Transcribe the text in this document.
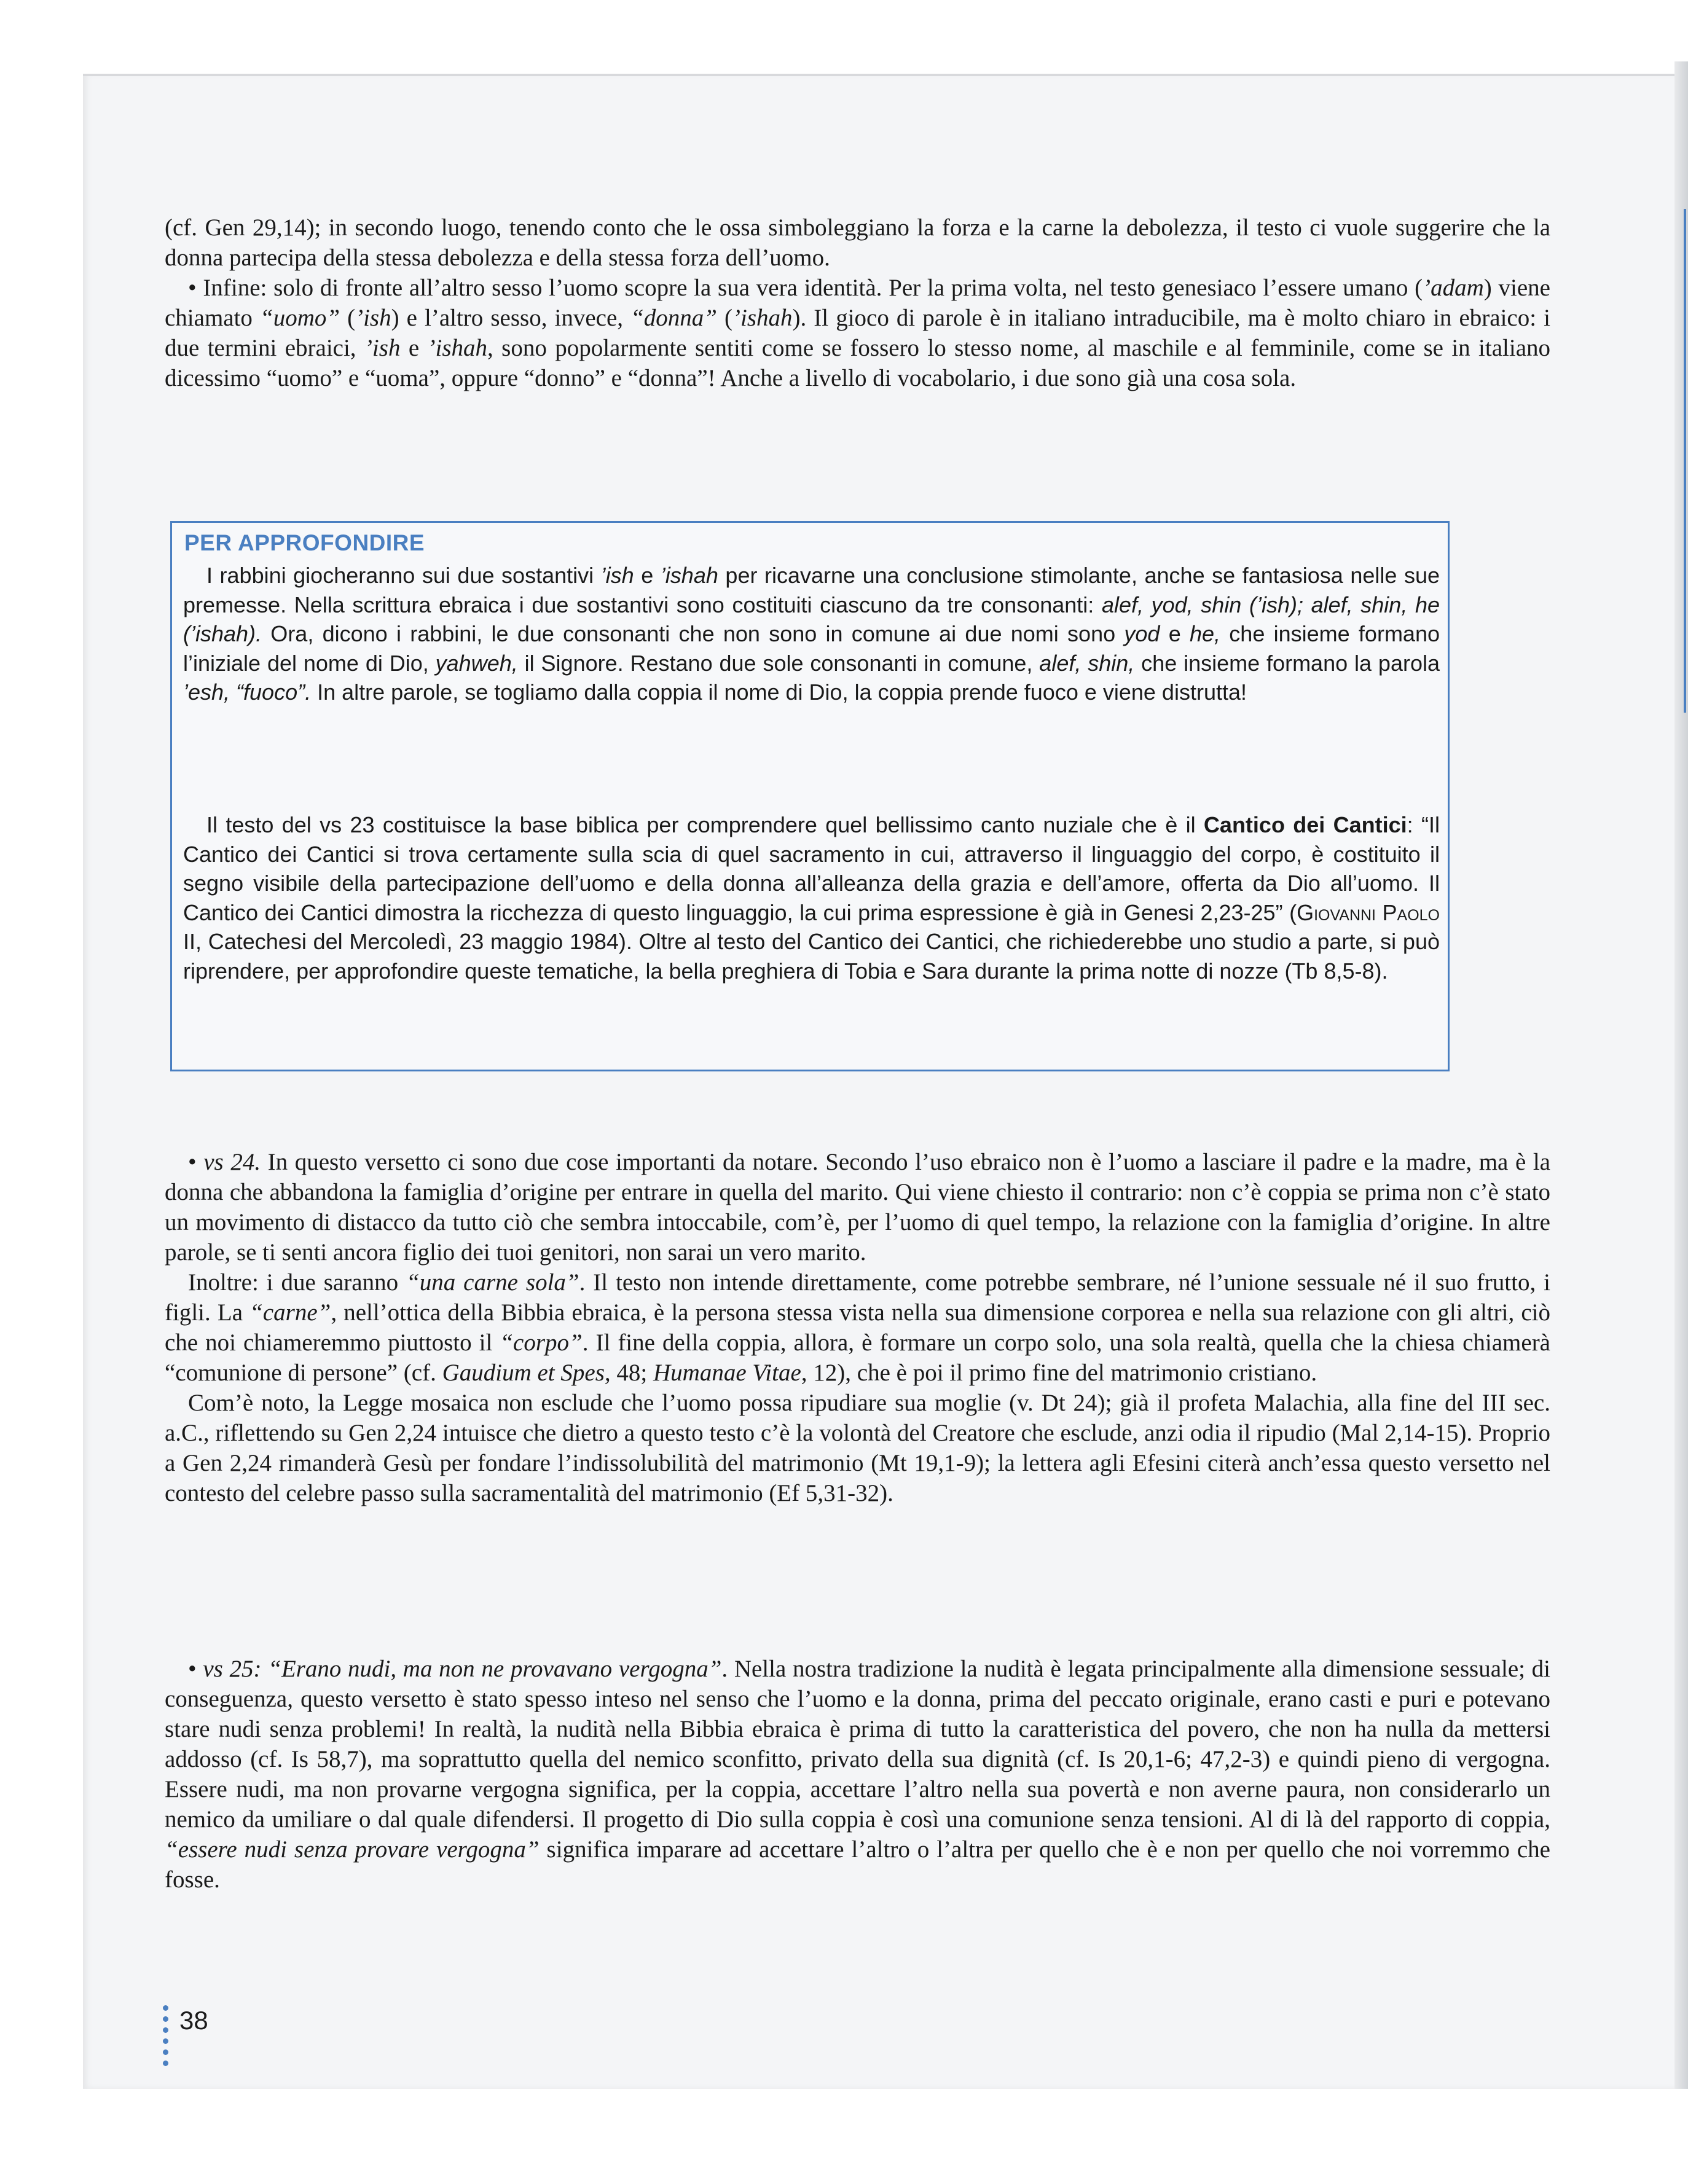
(cf. Gen 29,14); in secondo luogo, tenendo conto che le ossa simboleggiano la forza e la carne la debolezza, il testo ci vuole suggerire che la donna partecipa della stessa debolezza e della stessa forza dell’uomo.

• Infine: solo di fronte all’altro sesso l’uomo scopre la sua vera identità. Per la prima volta, nel testo genesiaco l’essere umano (’adam) viene chiamato “uomo” (’ish) e l’altro sesso, invece, “donna” (’ishah). Il gioco di parole è in italiano intraducibile, ma è molto chiaro in ebraico: i due termini ebraici, ’ish e ’ishah, sono popolarmente sentiti come se fossero lo stesso nome, al maschile e al femminile, come se in italiano dicessimo “uomo” e “uoma”, oppure “donno” e “donna”! Anche a livello di vocabolario, i due sono già una cosa sola.

PER APPROFONDIRE

I rabbini giocheranno sui due sostantivi ’ish e ’ishah per ricavarne una conclusione stimolante, anche se fantasiosa nelle sue premesse. Nella scrittura ebraica i due sostantivi sono costituiti ciascuno da tre consonanti: alef, yod, shin (’ish); alef, shin, he (’ishah). Ora, dicono i rabbini, le due consonanti che non sono in comune ai due nomi sono yod e he, che insieme formano l’iniziale del nome di Dio, yahweh, il Signore. Restano due sole consonanti in comune, alef, shin, che insieme formano la parola ’esh, “fuoco”. In altre parole, se togliamo dalla coppia il nome di Dio, la coppia prende fuoco e viene distrutta!

Il testo del vs 23 costituisce la base biblica per comprendere quel bellissimo canto nuziale che è il Cantico dei Cantici: “Il Cantico dei Cantici si trova certamente sulla scia di quel sacramento in cui, attraverso il linguaggio del corpo, è costituito il segno visibile della partecipazione dell’uomo e della donna all’alleanza della grazia e dell’amore, offerta da Dio all’uomo. Il Cantico dei Cantici dimostra la ricchezza di questo linguaggio, la cui prima espressione è già in Genesi 2,23-25” (Giovanni Paolo II, Catechesi del Mercoledì, 23 maggio 1984). Oltre al testo del Cantico dei Cantici, che richiederebbe uno studio a parte, si può riprendere, per approfondire queste tematiche, la bella preghiera di Tobia e Sara durante la prima notte di nozze (Tb 8,5-8).

• vs 24. In questo versetto ci sono due cose importanti da notare. Secondo l’uso ebraico non è l’uomo a lasciare il padre e la madre, ma è la donna che abbandona la famiglia d’origine per entrare in quella del marito. Qui viene chiesto il contrario: non c’è coppia se prima non c’è stato un movimento di distacco da tutto ciò che sembra intoccabile, com’è, per l’uomo di quel tempo, la relazione con la famiglia d’origine. In altre parole, se ti senti ancora figlio dei tuoi genitori, non sarai un vero marito.

Inoltre: i due saranno “una carne sola”. Il testo non intende direttamente, come potrebbe sembrare, né l’unione sessuale né il suo frutto, i figli. La “carne”, nell’ottica della Bibbia ebraica, è la persona stessa vista nella sua dimensione corporea e nella sua relazione con gli altri, ciò che noi chiameremmo piuttosto il “corpo”. Il fine della coppia, allora, è formare un corpo solo, una sola realtà, quella che la chiesa chiamerà “comunione di persone” (cf. Gaudium et Spes, 48; Humanae Vitae, 12), che è poi il primo fine del matrimonio cristiano.

Com’è noto, la Legge mosaica non esclude che l’uomo possa ripudiare sua moglie (v. Dt 24); già il profeta Malachia, alla fine del III sec. a.C., riflettendo su Gen 2,24 intuisce che dietro a questo testo c’è la volontà del Creatore che esclude, anzi odia il ripudio (Mal 2,14-15). Proprio a Gen 2,24 rimanderà Gesù per fondare l’indissolubilità del matrimonio (Mt 19,1-9); la lettera agli Efesini citerà anch’essa questo versetto nel contesto del celebre passo sulla sacramentalità del matrimonio (Ef 5,31-32).

• vs 25: “Erano nudi, ma non ne provavano vergogna”. Nella nostra tradizione la nudità è legata principalmente alla dimensione sessuale; di conseguenza, questo versetto è stato spesso inteso nel senso che l’uomo e la donna, prima del peccato originale, erano casti e puri e potevano stare nudi senza problemi! In realtà, la nudità nella Bibbia ebraica è prima di tutto la caratteristica del povero, che non ha nulla da mettersi addosso (cf. Is 58,7), ma soprattutto quella del nemico sconfitto, privato della sua dignità (cf. Is 20,1-6; 47,2-3) e quindi pieno di vergogna. Essere nudi, ma non provarne vergogna significa, per la coppia, accettare l’altro nella sua povertà e non averne paura, non considerarlo un nemico da umiliare o dal quale difendersi. Il progetto di Dio sulla coppia è così una comunione senza tensioni. Al di là del rapporto di coppia, “essere nudi senza provare vergogna” significa imparare ad accettare l’altro o l’altra per quello che è e non per quello che noi vorremmo che fosse.

38
